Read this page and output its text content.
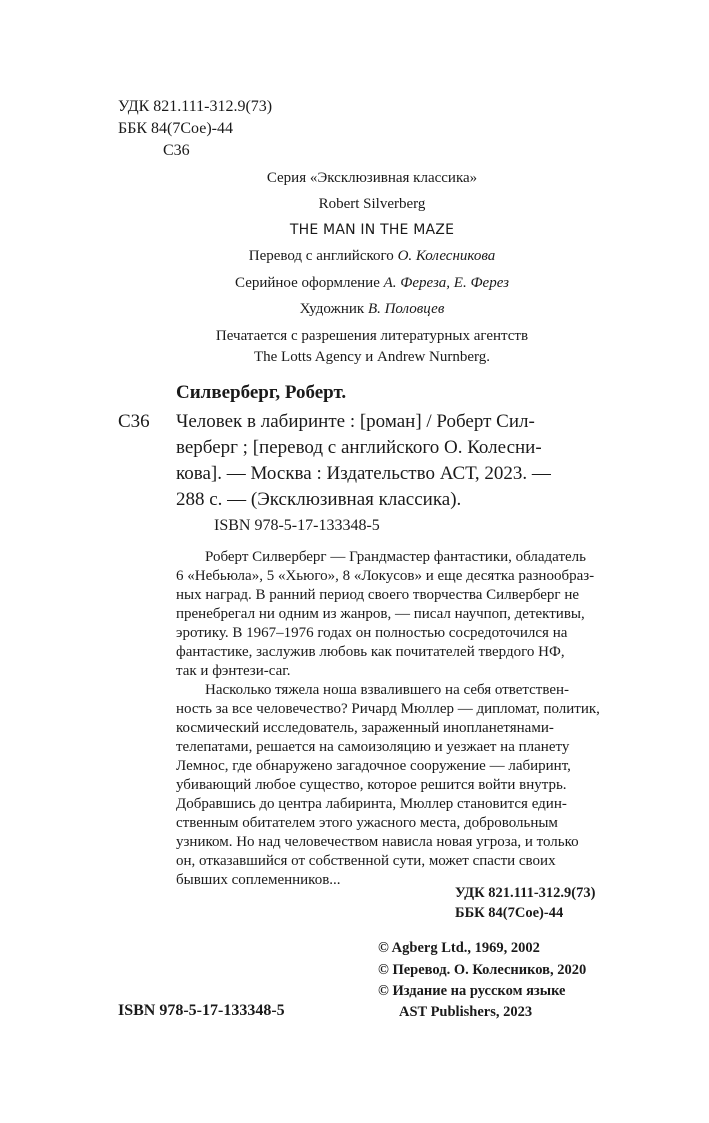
УДК 821.111-312.9(73)
ББК 84(7Сое)-44
С36
Серия «Эксклюзивная классика»
Robert Silverberg
THE MAN IN THE MAZE
Перевод с английского О. Колесникова
Серийное оформление А. Фереза, Е. Ферез
Художник В. Половцев
Печатается с разрешения литературных агентств
The Lotts Agency и Andrew Nurnberg.
Силверберг, Роберт.
С36 Человек в лабиринте : [роман] / Роберт Сил-
верберг ; [перевод с английского О. Колесни-
кова]. — Москва : Издательство АСТ, 2023. —
288 с. — (Эксклюзивная классика).
ISBN 978-5-17-133348-5
Роберт Силверберг — Грандмастер фантастики, обладатель
6 «Небьюла», 5 «Хьюго», 8 «Локусов» и еще десятка разнообраз-
ных наград. В ранний период своего творчества Силверберг не
пренебрегал ни одним из жанров, — писал научпоп, детективы,
эротику. В 1967–1976 годах он полностью сосредоточился на
фантастике, заслужив любовь как почитателей твердого НФ,
так и фэнтези-саг.
Насколько тяжела ноша взвалившего на себя ответствен-
ность за все человечество? Ричард Мюллер — дипломат, политик,
космический исследователь, зараженный инопланетянами-
телепатами, решается на самоизоляцию и уезжает на планету
Лемнос, где обнаружено загадочное сооружение — лабиринт,
убивающий любое существо, которое решится войти внутрь.
Добравшись до центра лабиринта, Мюллер становится един-
ственным обитателем этого ужасного места, добровольным
узником. Но над человечеством нависла новая угроза, и только
он, отказавшийся от собственной сути, может спасти своих
бывших соплеменников...
УДК 821.111-312.9(73)
ББК 84(7Сое)-44
© Agberg Ltd., 1969, 2002
© Перевод. О. Колесников, 2020
© Издание на русском языке
AST Publishers, 2023
ISBN 978-5-17-133348-5
